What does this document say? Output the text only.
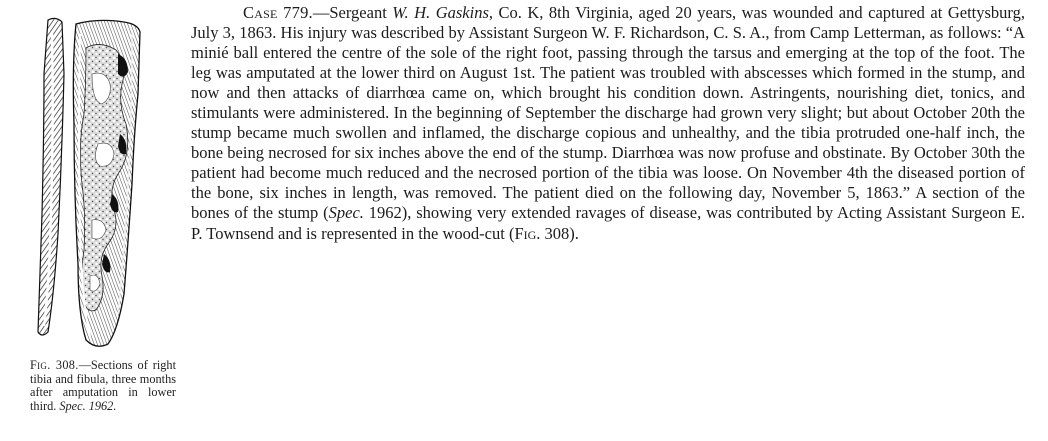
Fig. 308.—Sections of right tibia and fibula, three months after amputation in lower third. Spec. 1962.
Case 779.—Sergeant W. H. Gaskins, Co. K, 8th Virginia, aged 20 years, was wounded and captured at Gettysburg, July 3, 1863. His injury was described by Assistant Surgeon W. F. Richardson, C. S. A., from Camp Letterman, as follows: “A minié ball entered the centre of the sole of the right foot, passing through the tarsus and emerging at the top of the foot. The leg was amputated at the lower third on August 1st. The patient was troubled with abscesses which formed in the stump, and now and then attacks of diarrhœa came on, which brought his condition down. Astringents, nourishing diet, tonics, and stimulants were administered. In the beginning of September the discharge had grown very slight; but about October 20th the stump became much swollen and inflamed, the discharge copious and unhealthy, and the tibia protruded one-half inch, the bone being necrosed for six inches above the end of the stump. Diarrhœa was now profuse and obstinate. By October 30th the patient had become much reduced and the necrosed portion of the tibia was loose. On November 4th the diseased portion of the bone, six inches in length, was removed. The patient died on the following day, November 5, 1863.” A section of the bones of the stump (Spec. 1962), showing very extended ravages of disease, was contributed by Acting Assistant Surgeon E. P. Townsend and is represented in the wood-cut (Fig. 308).
